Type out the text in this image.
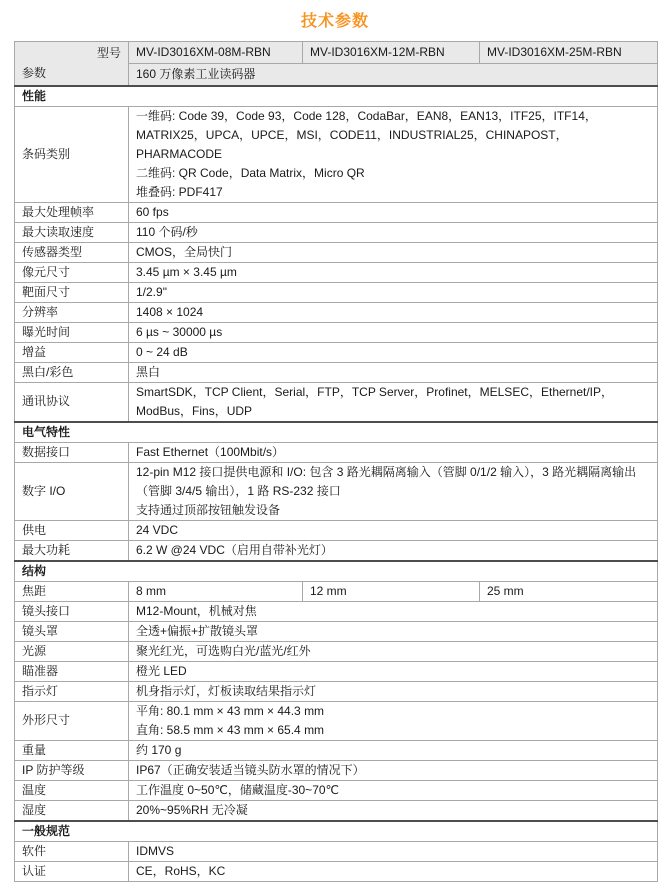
技术参数
型号
参数	MV-ID3016XM-08M-RBN	MV-ID3016XM-12M-RBN	MV-ID3016XM-25M-RBN
	160 万像素工业读码器		
性能			
条码类别	一维码: Code 39，Code 93，Code 128，CodaBar，EAN8，EAN13，ITF25，ITF14，MATRIX25，UPCA，UPCE，MSI，CODE11，INDUSTRIAL25，CHINAPOST，PHARMACODE
二维码: QR Code，Data Matrix，Micro QR
堆叠码: PDF417		

最大处理帧率	60 fps		
最大读取速度	110 个码/秒		
传感器类型	CMOS，全局快门		
像元尺寸	3.45 µm × 3.45 µm		
靶面尺寸	1/2.9"		
分辨率	1408 × 1024		
曝光时间	6 µs ~ 30000 µs		
增益	0 ~ 24 dB		
黑白/彩色	黑白		
通讯协议	SmartSDK，TCP Client，Serial，FTP，TCP Server，Profinet，MELSEC，Ethernet/IP，ModBus，Fins，UDP		
电气特性			
数据接口	Fast Ethernet（100Mbit/s）		
数字 I/O	12-pin M12 接口提供电源和 I/O: 包含 3 路光耦隔离输入（管脚 0/1/2 输入），3 路光耦隔离输出（管脚 3/4/5 输出），1 路 RS-232 接口
支持通过顶部按钮触发设备		

供电	24 VDC		
最大功耗	6.2 W @24 VDC（启用自带补光灯）		
结构			
焦距	8 mm	12 mm	25 mm
镜头接口	M12-Mount，机械对焦		
镜头罩	全透+偏振+扩散镜头罩		
光源	聚光红光，可选购白光/蓝光/红外		
瞄准器	橙光 LED		
指示灯	机身指示灯，灯板读取结果指示灯		
外形尺寸	平角: 80.1 mm × 43 mm × 44.3 mm
直角: 58.5 mm × 43 mm × 65.4 mm		

重量	约 170 g		
IP 防护等级	IP67（正确安装适当镜头防水罩的情况下）		
温度	工作温度 0~50℃，储藏温度-30~70℃		
湿度	20%~95%RH 无冷凝		
一般规范			
软件	IDMVS		
认证	CE，RoHS，KC		
